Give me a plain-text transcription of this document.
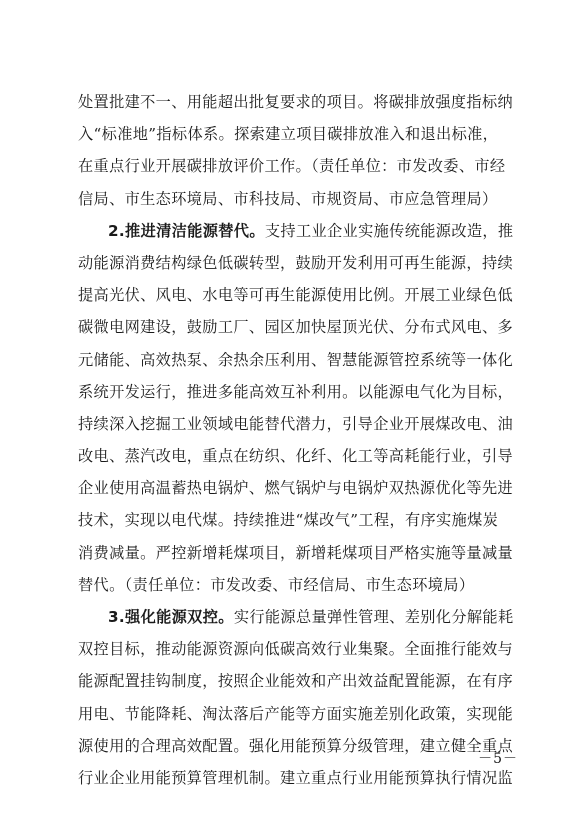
处置批建不一、用能超出批复要求的项目。将碳排放强度指标纳
入“标准地”指标体系。探索建立项目碳排放准入和退出标准，
在重点行业开展碳排放评价工作。（责任单位：市发改委、市经
信局、市生态环境局、市科技局、市规资局、市应急管理局）
2.推进清洁能源替代。支持工业企业实施传统能源改造，推
动能源消费结构绿色低碳转型，鼓励开发利用可再生能源，持续
提高光伏、风电、水电等可再生能源使用比例。开展工业绿色低
碳微电网建设，鼓励工厂、园区加快屋顶光伏、分布式风电、多
元储能、高效热泵、余热余压利用、智慧能源管控系统等一体化
系统开发运行，推进多能高效互补利用。以能源电气化为目标，
持续深入挖掘工业领域电能替代潜力，引导企业开展煤改电、油
改电、蒸汽改电，重点在纺织、化纤、化工等高耗能行业，引导
企业使用高温蓄热电锅炉、燃气锅炉与电锅炉双热源优化等先进
技术，实现以电代煤。持续推进“煤改气”工程，有序实施煤炭
消费减量。严控新增耗煤项目，新增耗煤项目严格实施等量减量
替代。（责任单位：市发改委、市经信局、市生态环境局）
3.强化能源双控。实行能源总量弹性管理、差别化分解能耗
双控目标，推动能源资源向低碳高效行业集聚。全面推行能效与
能源配置挂钩制度，按照企业能效和产出效益配置能源，在有序
用电、节能降耗、淘汰落后产能等方面实施差别化政策，实现能
源使用的合理高效配置。强化用能预算分级管理，建立健全重点
行业企业用能预算管理机制。建立重点行业用能预算执行情况监
－5－
